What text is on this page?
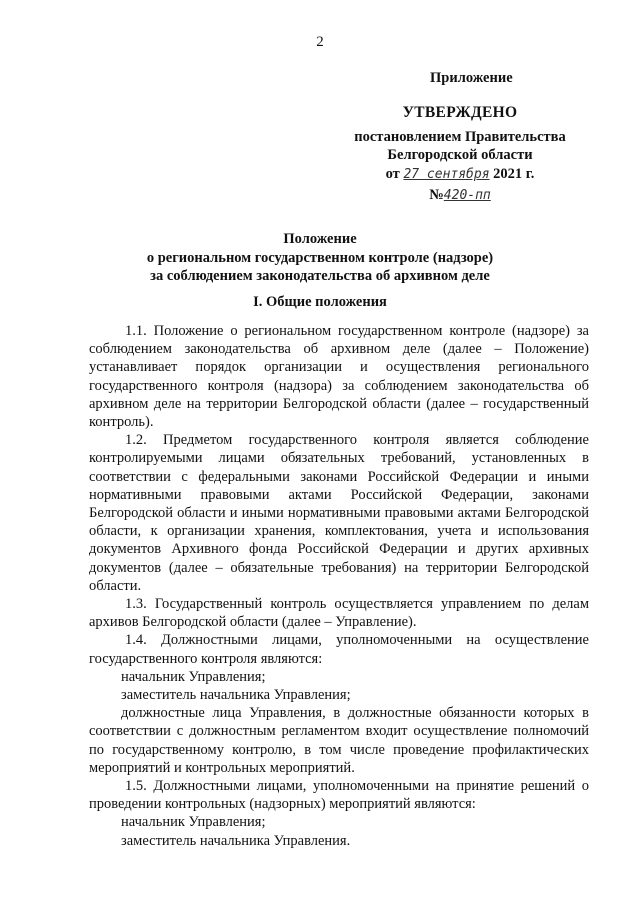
2
Приложение
УТВЕРЖДЕНО
постановлением Правительства
Белгородской области
от 27 сентября 2021 г.
№420-пп
Положение
о региональном государственном контроле (надзоре)
за соблюдением законодательства об архивном деле
I. Общие положения

1.1. Положение о региональном государственном контроле (надзоре) за соблюдением законодательства об архивном деле (далее – Положение) устанавливает порядок организации и осуществления регионального государственного контроля (надзора) за соблюдением законодательства об архивном деле на территории Белгородской области (далее – государственный контроль).

1.2. Предметом государственного контроля является соблюдение контролируемыми лицами обязательных требований, установленных в соответствии с федеральными законами Российской Федерации и иными нормативными правовыми актами Российской Федерации, законами Белгородской области и иными нормативными правовыми актами Белгородской области, к организации хранения, комплектования, учета и использования документов Архивного фонда Российской Федерации и других архивных документов (далее – обязательные требования) на территории Белгородской области.

1.3. Государственный контроль осуществляется управлением по делам архивов Белгородской области (далее – Управление).

1.4. Должностными лицами, уполномоченными на осуществление государственного контроля являются:

начальник Управления;

заместитель начальника Управления;

должностные лица Управления, в должностные обязанности которых в соответствии с должностным регламентом входит осуществление полномочий по государственному контролю, в том числе проведение профилактических мероприятий и контрольных мероприятий.

1.5. Должностными лицами, уполномоченными на принятие решений о проведении контрольных (надзорных) мероприятий являются:

начальник Управления;

заместитель начальника Управления.
